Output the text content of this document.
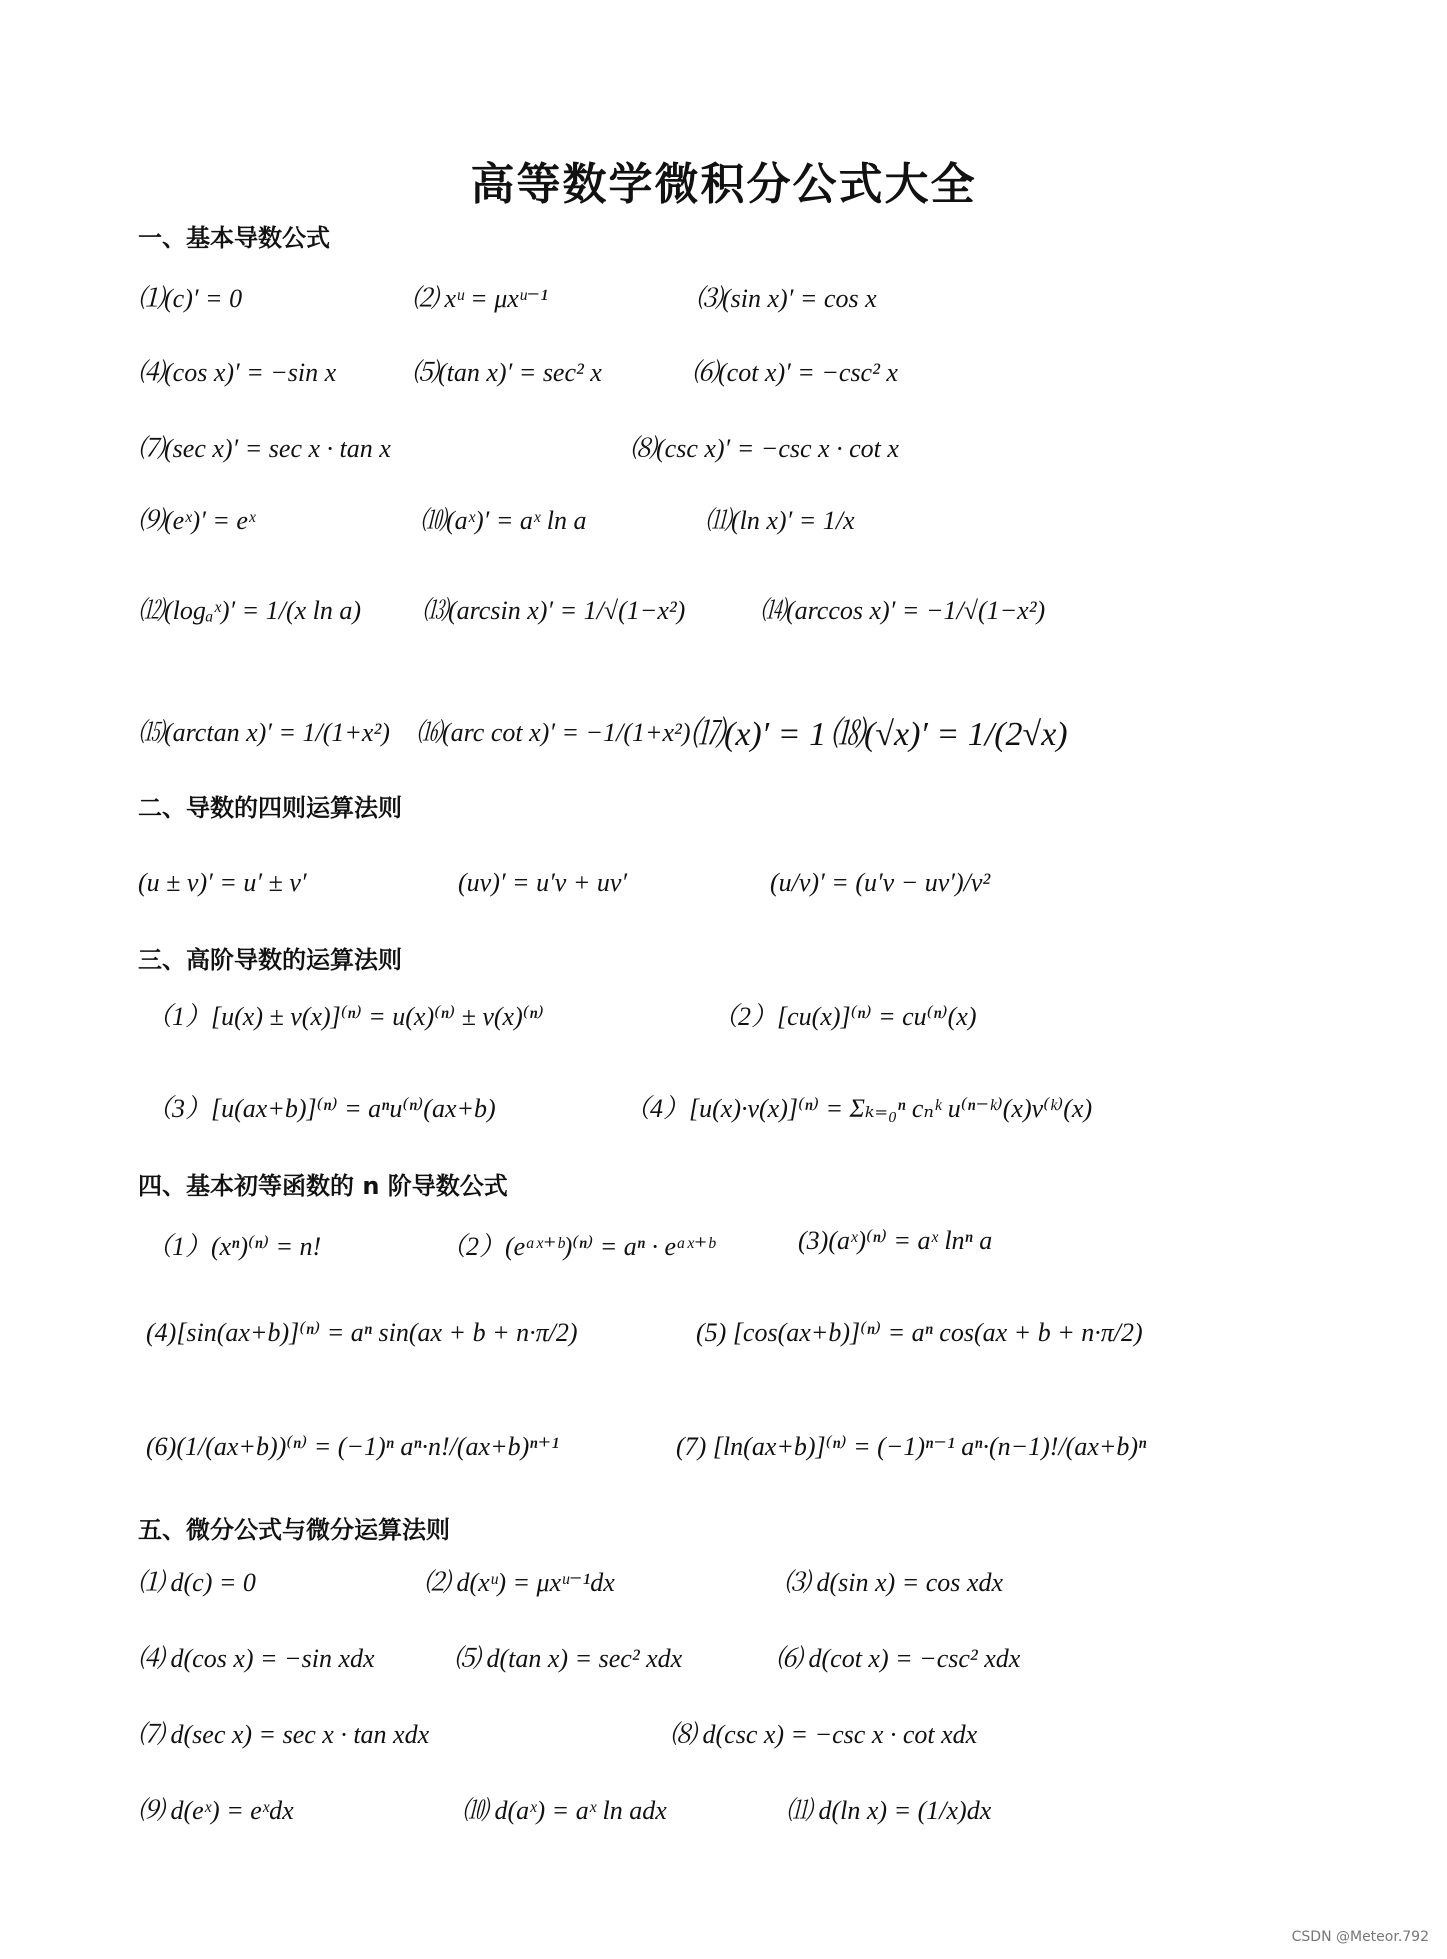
高等数学微积分公式大全
一、基本导数公式
⑴(c)′ = 0	⑵ xᵘ = μxᵘ⁻¹	⑶(sin x)′ = cos x
⑷(cos x)′ = −sin x	⑸(tan x)′ = sec² x	⑹(cot x)′ = −csc² x
⑺(sec x)′ = sec x · tan x	⑻(csc x)′ = −csc x · cot x
⑼(eˣ)′ = eˣ	⑽(aˣ)′ = aˣ ln a	⑾(ln x)′ = 1/x
⑿(logₐˣ)′ = 1/(x ln a) ⒀(arcsin x)′ = 1/√(1−x²)	⒁(arccos x)′ = −1/√(1−x²)
⒂(arctan x)′ = 1/(1+x²) ⒃(arc cot x)′ = −1/(1+x²) ⒄(x)′ = 1 ⒅(√x)′ = 1/(2√x)
二、导数的四则运算法则
(u ± v)′ = u′ ± v′	(uv)′ = u′v + uv′	(u/v)′ = (u′v − uv′)/v²
三、高阶导数的运算法则
（1）[u(x) ± v(x)]⁽ⁿ⁾ = u(x)⁽ⁿ⁾ ± v(x)⁽ⁿ⁾	（2）[cu(x)]⁽ⁿ⁾ = cu⁽ⁿ⁾(x)
（3）[u(ax+b)]⁽ⁿ⁾ = aⁿu⁽ⁿ⁾(ax+b)	（4）[u(x)·v(x)]⁽ⁿ⁾ = Σₖ₌₀ⁿ cₙᵏ u⁽ⁿ⁻ᵏ⁾(x)v⁽ᵏ⁾(x)
四、基本初等函数的 n 阶导数公式
（1）(xⁿ)⁽ⁿ⁾ = n!	（2）(eᵃˣ⁺ᵇ)⁽ⁿ⁾ = aⁿ · eᵃˣ⁺ᵇ	(3)(aˣ)⁽ⁿ⁾ = aˣ lnⁿ a
(4)[sin(ax+b)]⁽ⁿ⁾ = aⁿ sin(ax + b + n·π/2)	(5) [cos(ax+b)]⁽ⁿ⁾ = aⁿ cos(ax + b + n·π/2)
(6)(1/(ax+b))⁽ⁿ⁾ = (−1)ⁿ aⁿ·n!/(ax+b)ⁿ⁺¹	(7) [ln(ax+b)]⁽ⁿ⁾ = (−1)ⁿ⁻¹ aⁿ·(n−1)!/(ax+b)ⁿ
五、微分公式与微分运算法则
⑴ d(c) = 0	⑵ d(xᵘ) = μxᵘ⁻¹dx	⑶ d(sin x) = cos xdx
⑷ d(cos x) = −sin xdx	⑸ d(tan x) = sec² xdx	⑹ d(cot x) = −csc² xdx
⑺ d(sec x) = sec x · tan xdx	⑻ d(csc x) = −csc x · cot xdx
⑼ d(eˣ) = eˣdx	⑽ d(aˣ) = aˣ ln adx	⑾ d(ln x) = (1/x)dx
CSDN @Meteor.792
